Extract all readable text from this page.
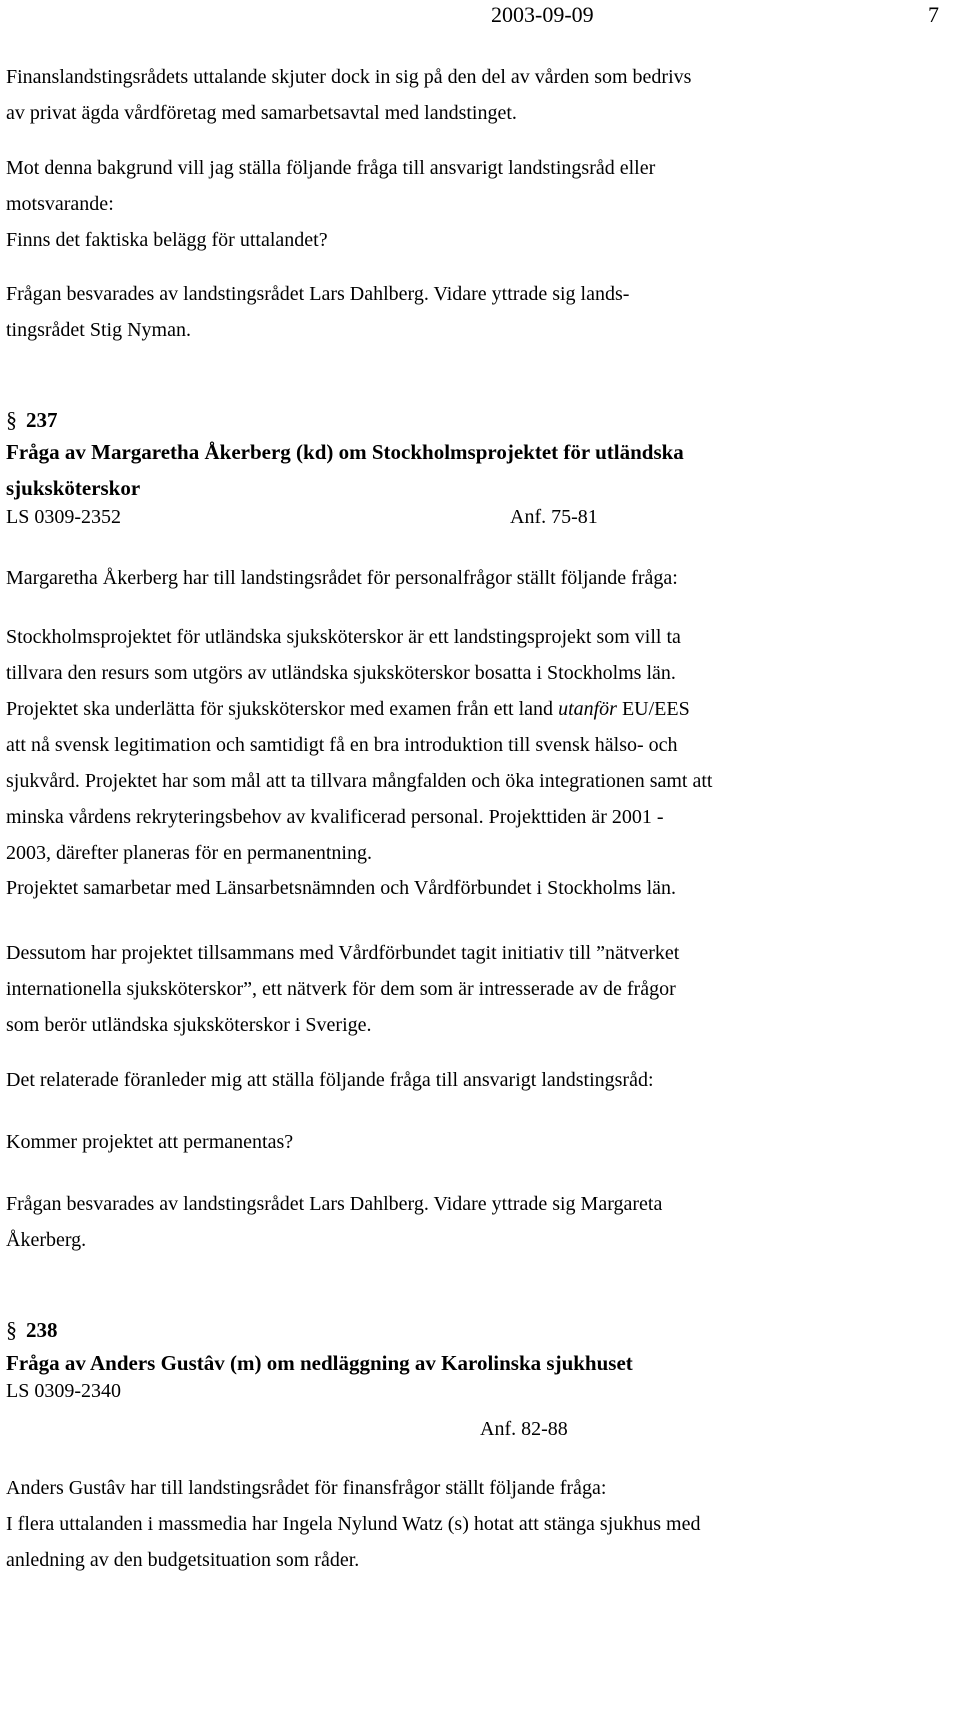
2003-09-09	7

Finanslandstingsrådets uttalande skjuter dock in sig på den del av vården som bedrivs
av privat ägda vårdföretag med samarbetsavtal med landstinget.

Mot denna bakgrund vill jag ställa följande fråga till ansvarigt landstingsråd eller
motsvarande:
Finns det faktiska belägg för uttalandet?

Frågan besvarades av landstingsrådet Lars Dahlberg. Vidare yttrade sig lands-
tingsrådet Stig Nyman.

§ 237

Fråga av Margaretha Åkerberg (kd) om Stockholmsprojektet för utländska
sjuksköterskor

LS 0309-2352	Anf. 75-81

Margaretha Åkerberg har till landstingsrådet för personalfrågor ställt följande fråga:

Stockholmsprojektet för utländska sjuksköterskor är ett landstingsprojekt som vill ta
tillvara den resurs som utgörs av utländska sjuksköterskor bosatta i Stockholms län.
Projektet ska underlätta för sjuksköterskor med examen från ett land utanför EU/EES
att nå svensk legitimation och samtidigt få en bra introduktion till svensk hälso- och
sjukvård. Projektet har som mål att ta tillvara mångfalden och öka integrationen samt att
minska vårdens rekryteringsbehov av kvalificerad personal. Projekttiden är 2001 -
2003, därefter planeras för en permanentning.

Projektet samarbetar med Länsarbetsnämnden och Vårdförbundet i Stockholms län.

Dessutom har projektet tillsammans med Vårdförbundet tagit initiativ till ”nätverket
internationella sjuksköterskor”, ett nätverk för dem som är intresserade av de frågor
som berör utländska sjuksköterskor i Sverige.

Det relaterade föranleder mig att ställa följande fråga till ansvarigt landstingsråd:

Kommer projektet att permanentas?

Frågan besvarades av landstingsrådet Lars Dahlberg. Vidare yttrade sig Margareta
Åkerberg.

§ 238

Fråga av Anders Gustâv (m) om nedläggning av Karolinska sjukhuset

LS 0309-2340
Anf. 82-88

Anders Gustâv har till landstingsrådet för finansfrågor ställt följande fråga:
I flera uttalanden i massmedia har Ingela Nylund Watz (s) hotat att stänga sjukhus med
anledning av den budgetsituation som råder.
